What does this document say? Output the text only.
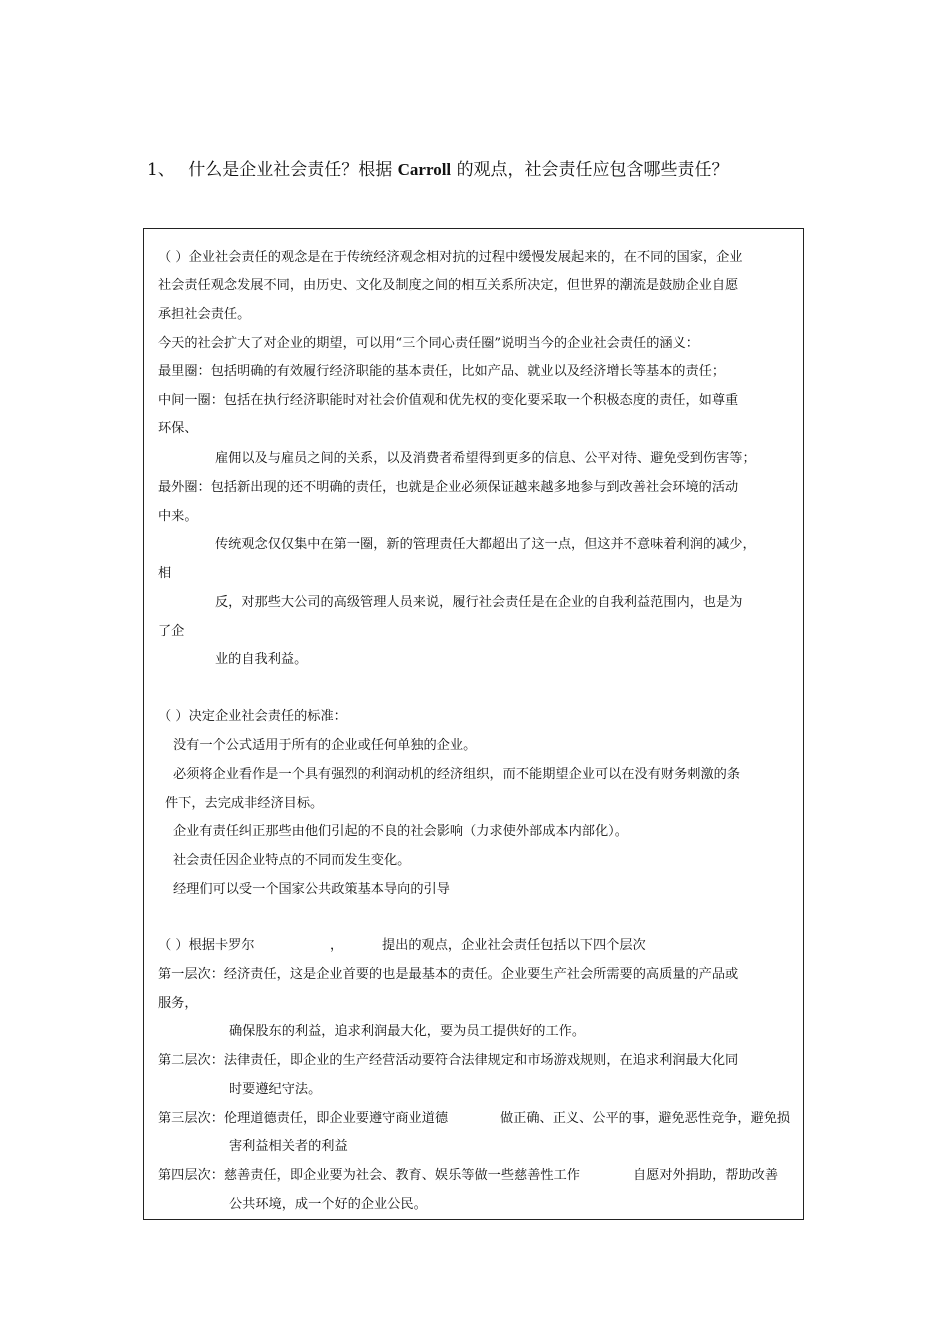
1、 什么是企业社会责任？根据 Carroll 的观点，社会责任应包含哪些责任？
（ ）企业社会责任的观念是在于传统经济观念相对抗的过程中缓慢发展起来的，在不同的国家，企业
社会责任观念发展不同，由历史、文化及制度之间的相互关系所决定，但世界的潮流是鼓励企业自愿
承担社会责任。
今天的社会扩大了对企业的期望，可以用“三个同心责任圈”说明当今的企业社会责任的涵义：
最里圈：包括明确的有效履行经济职能的基本责任，比如产品、就业以及经济增长等基本的责任；
中间一圈：包括在执行经济职能时对社会价值观和优先权的变化要采取一个积极态度的责任，如尊重
环保、
雇佣以及与雇员之间的关系，以及消费者希望得到更多的信息、公平对待、避免受到伤害等；
最外圈：包括新出现的还不明确的责任，也就是企业必须保证越来越多地参与到改善社会环境的活动
中来。
传统观念仅仅集中在第一圈，新的管理责任大都超出了这一点，但这并不意味着利润的减少，
相
反，对那些大公司的高级管理人员来说，履行社会责任是在企业的自我利益范围内，也是为
了企
业的自我利益。
（ ）决定企业社会责任的标准：
没有一个公式适用于所有的企业或任何单独的企业。
必须将企业看作是一个具有强烈的利润动机的经济组织，而不能期望企业可以在没有财务刺激的条
件下，去完成非经济目标。
企业有责任纠正那些由他们引起的不良的社会影响（力求使外部成本内部化）。
社会责任因企业特点的不同而发生变化。
经理们可以受一个国家公共政策基本导向的引导
（ ）根据卡罗尔	，	提出的观点，企业社会责任包括以下四个层次
第一层次：经济责任，这是企业首要的也是最基本的责任。企业要生产社会所需要的高质量的产品或
服务，
确保股东的利益，追求利润最大化，要为员工提供好的工作。
第二层次：法律责任，即企业的生产经营活动要符合法律规定和市场游戏规则，在追求利润最大化同
时要遵纪守法。
第三层次：伦理道德责任，即企业要遵守商业道德	做正确、正义、公平的事，避免恶性竞争，避免损
害利益相关者的利益
第四层次：慈善责任，即企业要为社会、教育、娱乐等做一些慈善性工作	自愿对外捐助，帮助改善
公共环境，成一个好的企业公民。
